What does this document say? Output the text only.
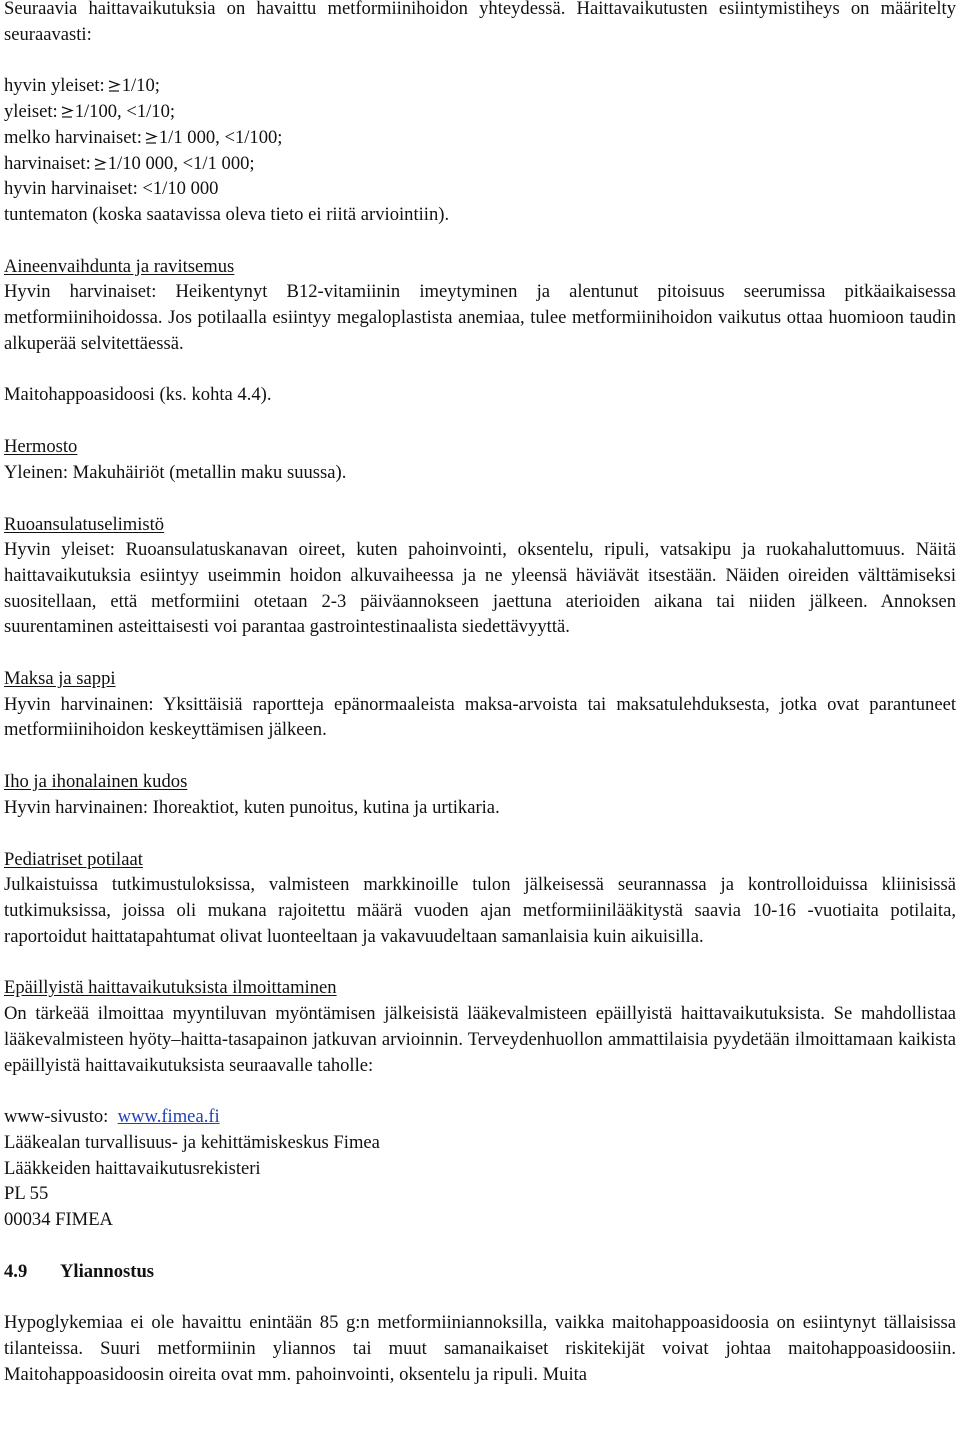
Seuraavia haittavaikutuksia on havaittu metformiinihoidon yhteydessä. Haittavaikutusten esiintymistiheys on määritelty seuraavasti:

hyvin yleiset: 1/10;

yleiset: 1/100, <1/10;

melko harvinaiset: 1/1 000, <1/100;

harvinaiset: 1/10 000, <1/1 000;

hyvin harvinaiset: <1/10 000

tuntematon (koska saatavissa oleva tieto ei riitä arviointiin).

Aineenvaihdunta ja ravitsemus

Hyvin harvinaiset: Heikentynyt B12-vitamiinin imeytyminen ja alentunut pitoisuus seerumissa pitkäaikaisessa metformiinihoidossa. Jos potilaalla esiintyy megaloplastista anemiaa, tulee metformiinihoidon vaikutus ottaa huomioon taudin alkuperää selvitettäessä.

Maitohappoasidoosi (ks. kohta 4.4).

Hermosto

Yleinen: Makuhäiriöt (metallin maku suussa).

Ruoansulatuselimistö

Hyvin yleiset: Ruoansulatuskanavan oireet, kuten pahoinvointi, oksentelu, ripuli, vatsakipu ja ruokahaluttomuus. Näitä haittavaikutuksia esiintyy useimmin hoidon alkuvaiheessa ja ne yleensä häviävät itsestään. Näiden oireiden välttämiseksi suositellaan, että metformiini otetaan 2-3 päiväannokseen jaettuna aterioiden aikana tai niiden jälkeen. Annoksen suurentaminen asteittaisesti voi parantaa gastrointestinaalista siedettävyyttä.

Maksa ja sappi

Hyvin harvinainen: Yksittäisiä raportteja epänormaaleista maksa-arvoista tai maksatulehduksesta, jotka ovat parantuneet metformiinihoidon keskeyttämisen jälkeen.

Iho ja ihonalainen kudos

Hyvin harvinainen: Ihoreaktiot, kuten punoitus, kutina ja urtikaria.

Pediatriset potilaat

Julkaistuissa tutkimustuloksissa, valmisteen markkinoille tulon jälkeisessä seurannassa ja kontrolloiduissa kliinisissä tutkimuksissa, joissa oli mukana rajoitettu määrä vuoden ajan metformiinilääkitystä saavia 10-16 -vuotiaita potilaita, raportoidut haittatapahtumat olivat luonteeltaan ja vakavuudeltaan samanlaisia kuin aikuisilla.

Epäillyistä haittavaikutuksista ilmoittaminen

On tärkeää ilmoittaa myyntiluvan myöntämisen jälkeisistä lääkevalmisteen epäillyistä haittavaikutuksista. Se mahdollistaa lääkevalmisteen hyöty–haitta-tasapainon jatkuvan arvioinnin. Terveydenhuollon ammattilaisia pyydetään ilmoittamaan kaikista epäillyistä haittavaikutuksista seuraavalle taholle:

www-sivusto: www.fimea.fi

Lääkealan turvallisuus- ja kehittämiskeskus Fimea

Lääkkeiden haittavaikutusrekisteri

PL 55

00034 FIMEA

4.9 Yliannostus

Hypoglykemiaa ei ole havaittu enintään 85 g:n metformiiniannoksilla, vaikka maitohappoasidoosia on esiintynyt tällaisissa tilanteissa. Suuri metformiinin yliannos tai muut samanaikaiset riskitekijät voivat johtaa maitohappoasidoosiin. Maitohappoasidoosin oireita ovat mm. pahoinvointi, oksentelu ja ripuli. Muita
